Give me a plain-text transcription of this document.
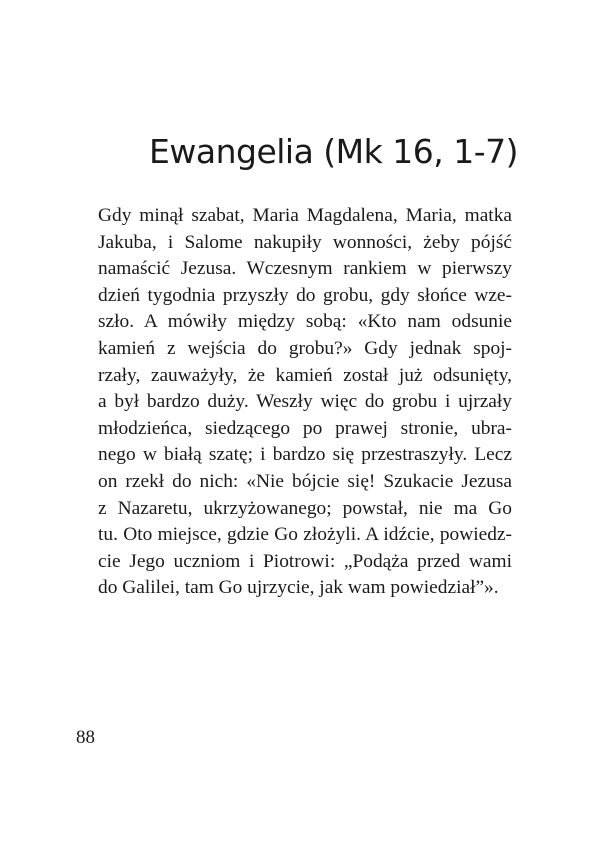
Ewangelia (Mk 16, 1-7)
Gdy minął szabat, Maria Magdalena, Maria, matka
Jakuba, i Salome nakupiły wonności, żeby pójść
namaścić Jezusa. Wczesnym rankiem w pierwszy
dzień tygodnia przyszły do grobu, gdy słońce wze-
szło. A mówiły między sobą: «Kto nam odsunie
kamień z wejścia do grobu?» Gdy jednak spoj-
rzały, zauważyły, że kamień został już odsunięty,
a był bardzo duży. Weszły więc do grobu i ujrzały
młodzieńca, siedzącego po prawej stronie, ubra-
nego w białą szatę; i bardzo się przestraszyły. Lecz
on rzekł do nich: «Nie bójcie się! Szukacie Jezusa
z Nazaretu, ukrzyżowanego; powstał, nie ma Go
tu. Oto miejsce, gdzie Go złożyli. A idźcie, powiedz-
cie Jego uczniom i Piotrowi: „Podąża przed wami
do Galilei, tam Go ujrzycie, jak wam powiedział”».
88
